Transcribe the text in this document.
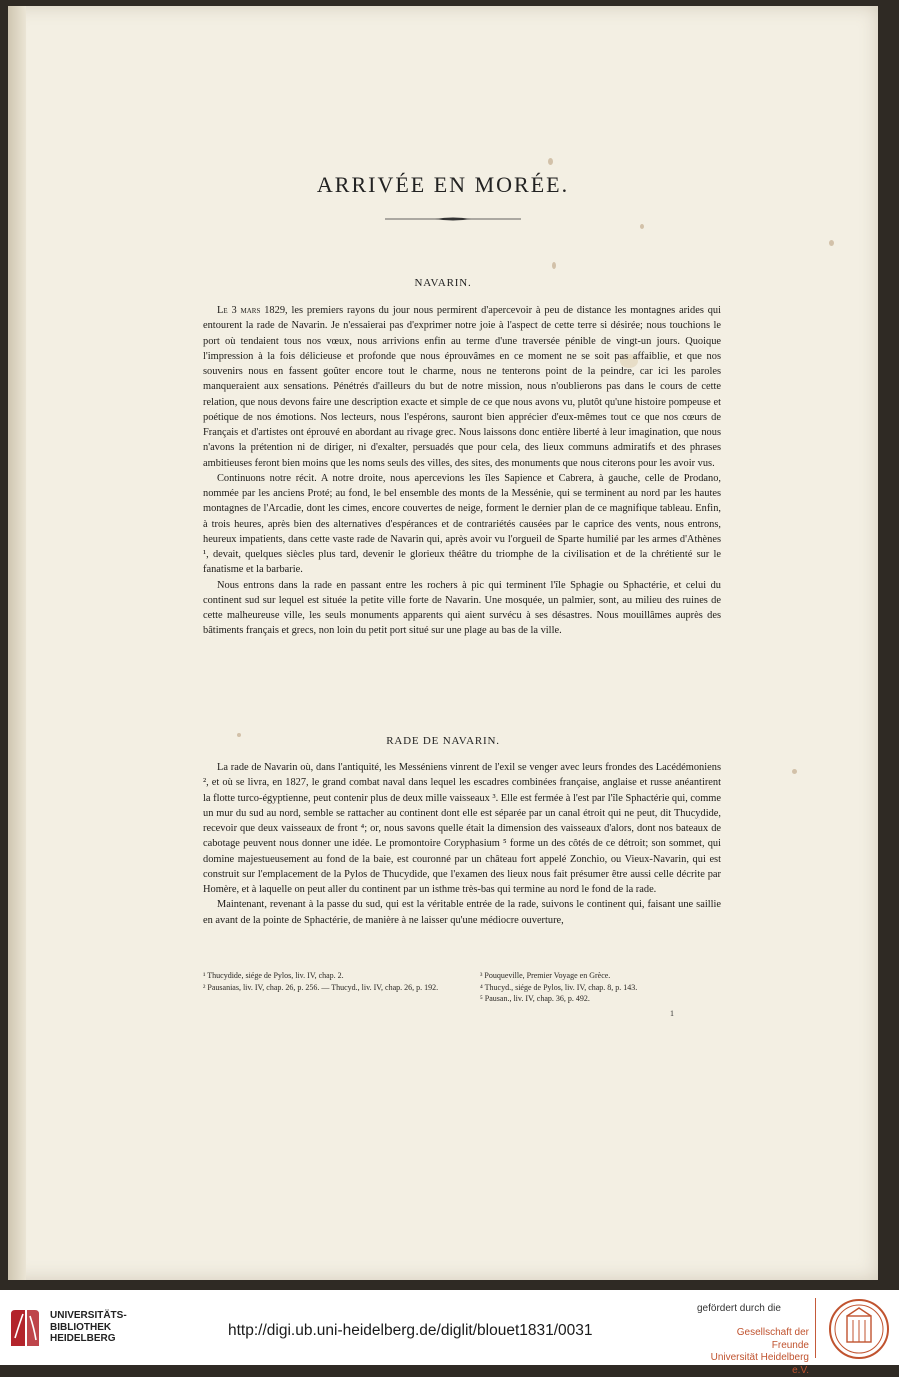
ARRIVÉE EN MORÉE.
NAVARIN.

Le 3 mars 1829, les premiers rayons du jour nous permirent d'apercevoir à peu de distance les montagnes arides qui entourent la rade de Navarin. Je n'essaierai pas d'exprimer notre joie à l'aspect de cette terre si désirée; nous touchions le port où tendaient tous nos vœux, nous arrivions enfin au terme d'une traversée pénible de vingt-un jours. Quoique l'impression à la fois délicieuse et profonde que nous éprouvâmes en ce moment ne se soit pas affaiblie, et que nos souvenirs nous en fassent goûter encore tout le charme, nous ne tenterons point de la peindre, car ici les paroles manqueraient aux sensations. Pénétrés d'ailleurs du but de notre mission, nous n'oublierons pas dans le cours de cette relation, que nous devons faire une description exacte et simple de ce que nous avons vu, plutôt qu'une histoire pompeuse et poétique de nos émotions. Nos lecteurs, nous l'espérons, sauront bien apprécier d'eux-mêmes tout ce que nos cœurs de Français et d'artistes ont éprouvé en abordant au rivage grec. Nous laissons donc entière liberté à leur imagination, que nous n'avons la prétention ni de diriger, ni d'exalter, persuadés que pour cela, des lieux communs admiratifs et des phrases ambitieuses feront bien moins que les noms seuls des villes, des sites, des monuments que nous citerons pour les avoir vus.

Continuons notre récit. A notre droite, nous apercevions les îles Sapience et Cabrera, à gauche, celle de Prodano, nommée par les anciens Proté; au fond, le bel ensemble des monts de la Messénie, qui se terminent au nord par les hautes montagnes de l'Arcadie, dont les cimes, encore couvertes de neige, forment le dernier plan de ce magnifique tableau. Enfin, à trois heures, après bien des alternatives d'espérances et de contrariétés causées par le caprice des vents, nous entrons, heureux impatients, dans cette vaste rade de Navarin qui, après avoir vu l'orgueil de Sparte humilié par les armes d'Athènes ¹, devait, quelques siècles plus tard, devenir le glorieux théâtre du triomphe de la civilisation et de la chrétienté sur le fanatisme et la barbarie.

Nous entrons dans la rade en passant entre les rochers à pic qui terminent l'île Sphagie ou Sphactérie, et celui du continent sud sur lequel est située la petite ville forte de Navarin. Une mosquée, un palmier, sont, au milieu des ruines de cette malheureuse ville, les seuls monuments apparents qui aient survécu à ses désastres. Nous mouillâmes auprès des bâtiments français et grecs, non loin du petit port situé sur une plage au bas de la ville.

RADE DE NAVARIN.

La rade de Navarin où, dans l'antiquité, les Messéniens vinrent de l'exil se venger avec leurs frondes des Lacédémoniens ², et où se livra, en 1827, le grand combat naval dans lequel les escadres combinées française, anglaise et russe anéantirent la flotte turco-égyptienne, peut contenir plus de deux mille vaisseaux ³. Elle est fermée à l'est par l'île Sphactérie qui, comme un mur du sud au nord, semble se rattacher au continent dont elle est séparée par un canal étroit qui ne peut, dit Thucydide, recevoir que deux vaisseaux de front ⁴; or, nous savons quelle était la dimension des vaisseaux d'alors, dont nos bateaux de cabotage peuvent nous donner une idée. Le promontoire Coryphasium ⁵ forme un des côtés de ce détroit; son sommet, qui domine majestueusement au fond de la baie, est couronné par un château fort appelé Zonchio, ou Vieux-Navarin, qui est construit sur l'emplacement de la Pylos de Thucydide, que l'examen des lieux nous fait présumer être aussi celle décrite par Homère, et à laquelle on peut aller du continent par un isthme très-bas qui termine au nord le fond de la rade.

Maintenant, revenant à la passe du sud, qui est la véritable entrée de la rade, suivons le continent qui, faisant une saillie en avant de la pointe de Sphactérie, de manière à ne laisser qu'une médiocre ouverture,

¹ Thucydide, siége de Pylos, liv. IV, chap. 2.
² Pausanias, liv. IV, chap. 26, p. 256. — Thucyd., liv. IV, chap. 26, p. 192.
³ Pouqueville, Premier Voyage en Grèce.
⁴ Thucyd., siége de Pylos, liv. IV, chap. 8, p. 143.
⁵ Pausan., liv. IV, chap. 36, p. 492.
1
UNIVERSITÄTS-
BIBLIOTHEK
HEIDELBERG	http://digi.ub.uni-heidelberg.de/diglit/blouet1831/0031
gefördert durch die
Gesellschaft der Freunde
Universität Heidelberg e.V.
